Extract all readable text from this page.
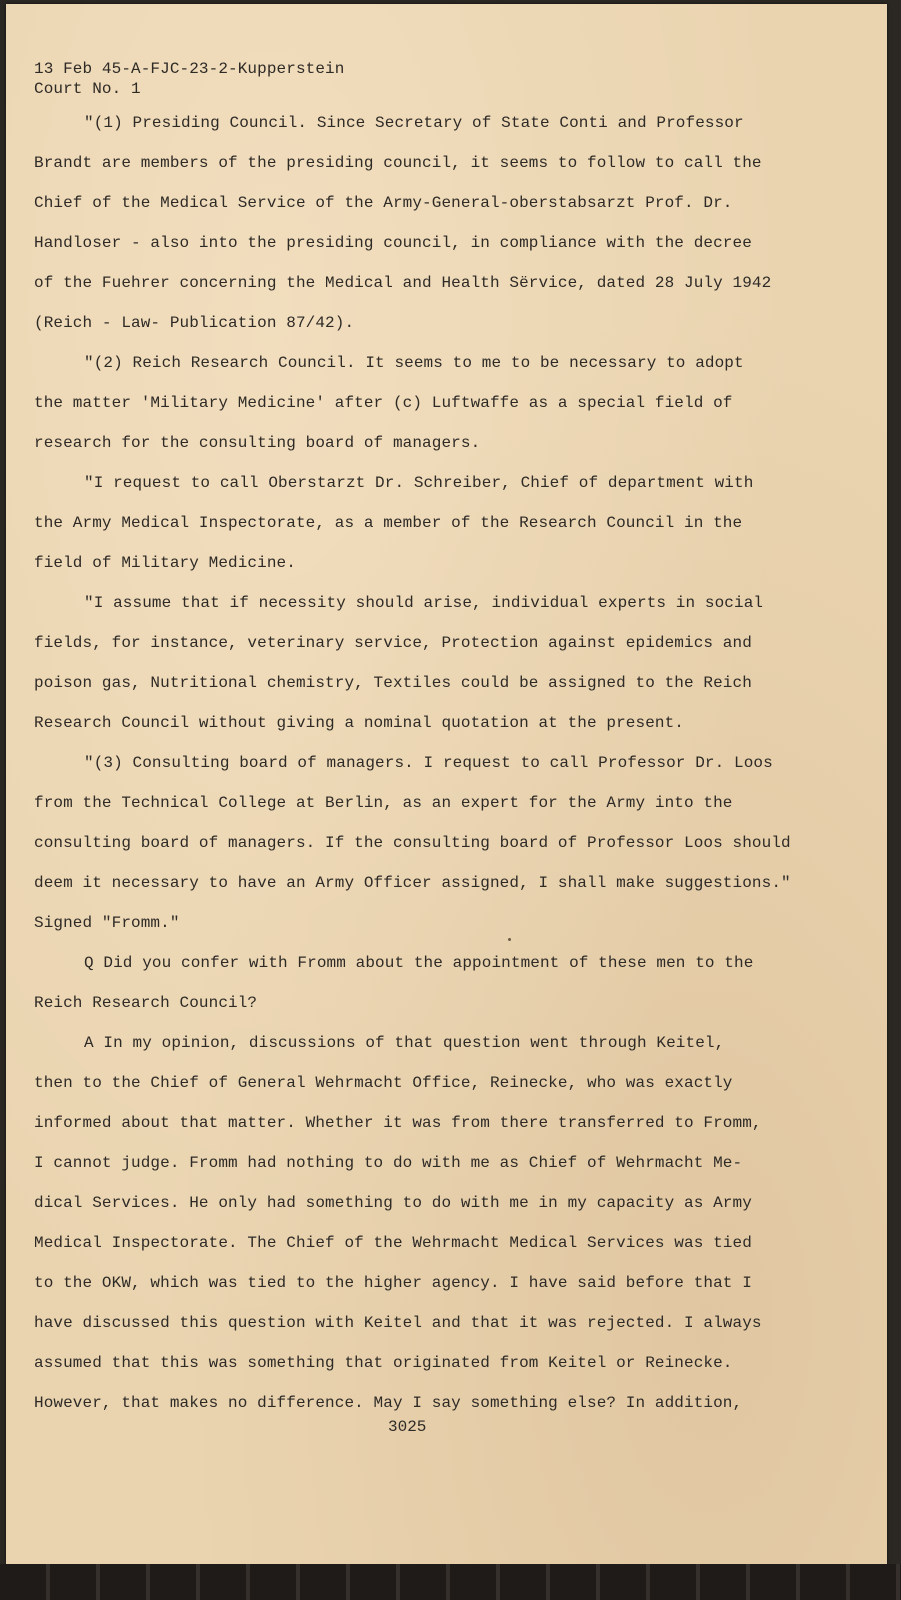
13 Feb 45-A-FJC-23-2-Kupperstein

Court No. 1

"(1) Presiding Council. Since Secretary of State Conti and Professor

Brandt are members of the presiding council, it seems to follow to call the

Chief of the Medical Service of the Army-General-oberstabsarzt Prof. Dr.

Handloser - also into the presiding council, in compliance with the decree

of the Fuehrer concerning the Medical and Health Sërvice, dated 28 July 1942

(Reich - Law- Publication 87/42).

"(2) Reich Research Council. It seems to me to be necessary to adopt

the matter 'Military Medicine' after (c) Luftwaffe as a special field of

research for the consulting board of managers.

"I request to call Oberstarzt Dr. Schreiber, Chief of department with

the Army Medical Inspectorate, as a member of the Research Council in the

field of Military Medicine.

"I assume that if necessity should arise, individual experts in social

fields, for instance, veterinary service, Protection against epidemics and

poison gas, Nutritional chemistry, Textiles could be assigned to the Reich

Research Council without giving a nominal quotation at the present.

"(3) Consulting board of managers. I request to call Professor Dr. Loos

from the Technical College at Berlin, as an expert for the Army into the

consulting board of managers. If the consulting board of Professor Loos should

deem it necessary to have an Army Officer assigned, I shall make suggestions."

Signed "Fromm."

Q Did you confer with Fromm about the appointment of these men to the

Reich Research Council?

A In my opinion, discussions of that question went through Keitel,

then to the Chief of General Wehrmacht Office, Reinecke, who was exactly

informed about that matter. Whether it was from there transferred to Fromm,

I cannot judge. Fromm had nothing to do with me as Chief of Wehrmacht Me-

dical Services. He only had something to do with me in my capacity as Army

Medical Inspectorate. The Chief of the Wehrmacht Medical Services was tied

to the OKW, which was tied to the higher agency. I have said before that I

have discussed this question with Keitel and that it was rejected. I always

assumed that this was something that originated from Keitel or Reinecke.

However, that makes no difference. May I say something else? In addition,

3025
